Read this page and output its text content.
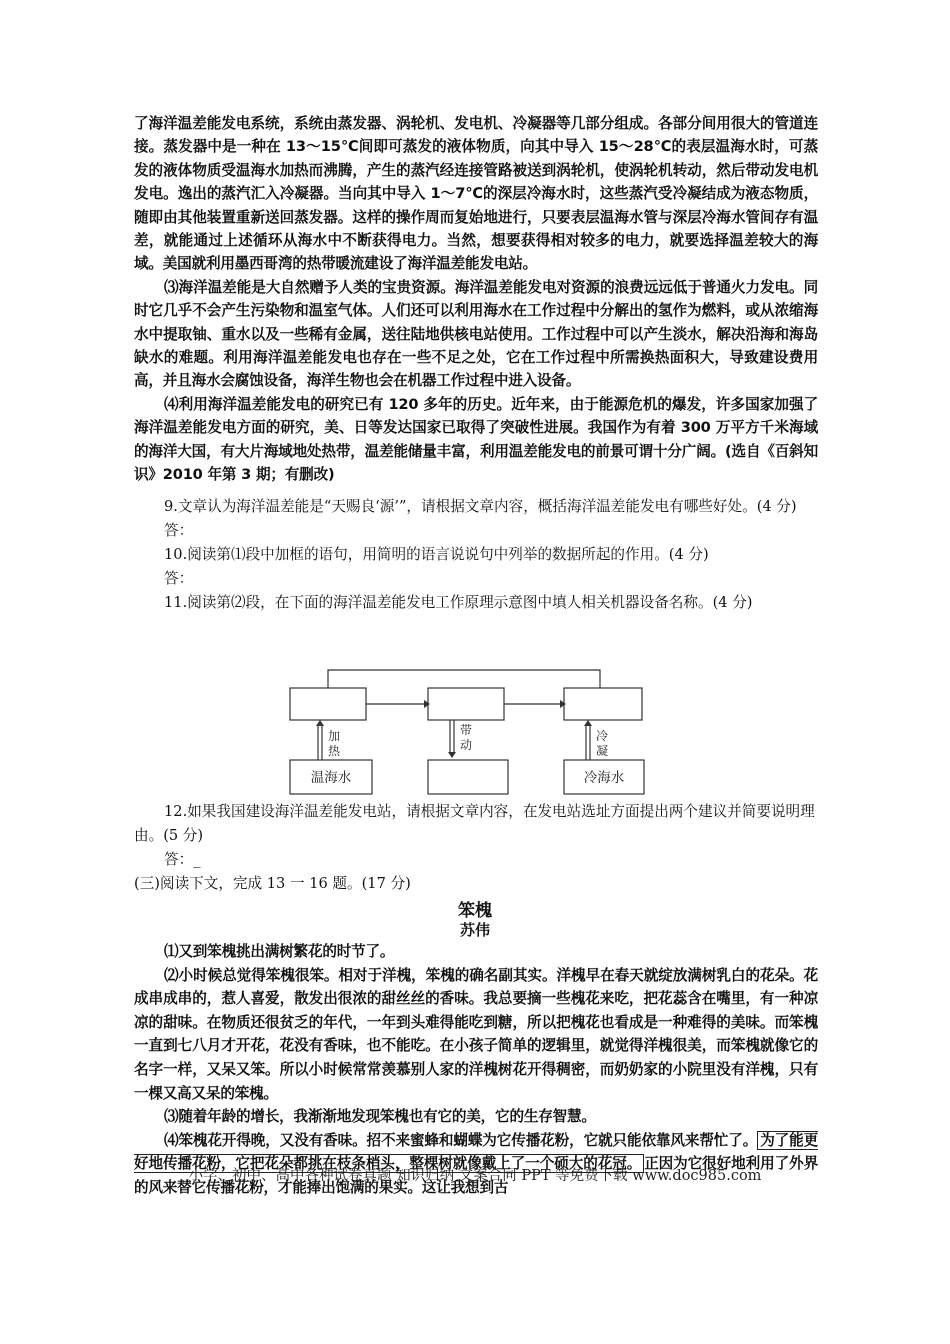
了海洋温差能发电系统，系统由蒸发器、涡轮机、发电机、冷凝器等几部分组成。各部分间用很大的管道连接。蒸发器中是一种在 13～15℃间即可蒸发的液体物质，向其中导入 15～28℃的表层温海水时，可蒸发的液体物质受温海水加热而沸腾，产生的蒸汽经连接管路被送到涡轮机，使涡轮机转动，然后带动发电机发电。逸出的蒸汽汇入冷凝器。当向其中导入 1～7℃的深层冷海水时，这些蒸汽受冷凝结成为液态物质，随即由其他装置重新送回蒸发器。这样的操作周而复始地进行，只要表层温海水管与深层冷海水管间存有温差，就能通过上述循环从海水中不断获得电力。当然，想要获得相对较多的电力，就要选择温差较大的海域。美国就利用墨西哥湾的热带暖流建设了海洋温差能发电站。

⑶海洋温差能是大自然赠予人类的宝贵资源。海洋温差能发电对资源的浪费远远低于普通火力发电。同时它几乎不会产生污染物和温室气体。人们还可以利用海水在工作过程中分解出的氢作为燃料，或从浓缩海水中提取铀、重水以及一些稀有金属，送往陆地供核电站使用。工作过程中可以产生淡水，解决沿海和海岛缺水的难题。利用海洋温差能发电也存在一些不足之处，它在工作过程中所需换热面积大，导致建设费用高，并且海水会腐蚀设备，海洋生物也会在机器工作过程中进入设备。

⑷利用海洋温差能发电的研究已有 120 多年的历史。近年来，由于能源危机的爆发，许多国家加强了海洋温差能发电方面的研究，美、日等发达国家已取得了突破性进展。我国作为有着 300 万平方千米海域的海洋大国，有大片海域地处热带，温差能储量丰富，利用温差能发电的前景可谓十分广阔。(选自《百斜知识》2010 年第 3 期；有删改)

9.文章认为海洋温差能是“天赐良‘源’”，请根据文章内容，概括海洋温差能发电有哪些好处。(4 分)

答：

10.阅读第⑴段中加框的语句，用简明的语言说说句中列举的数据所起的作用。(4 分)

答：

11.阅读第⑵段，在下面的海洋温差能发电工作原理示意图中填人相关机器设备名称。(4 分)

加
热
带
动
冷
凝
温海水	冷海水

12.如果我国建设海洋温差能发电站，请根据文章内容，在发电站选址方面提出两个建议并简要说明理由。(5 分)

答：_

(三)阅读下文，完成 13 一 16 题。(17 分)
笨槐
苏伟

⑴又到笨槐挑出满树繁花的时节了。

⑵小时候总觉得笨槐很笨。相对于洋槐，笨槐的确名副其实。洋槐早在春天就绽放满树乳白的花朵。花成串成串的，惹人喜爱，散发出很浓的甜丝丝的香味。我总要摘一些槐花来吃，把花蕊含在嘴里，有一种凉凉的甜味。在物质还很贫乏的年代，一年到头难得能吃到糖，所以把槐花也看成是一种难得的美味。而笨槐一直到七八月才开花，花没有香味，也不能吃。在小孩子简单的逻辑里，就觉得洋槐很美，而笨槐就像它的名字一样，又呆又笨。所以小时候常常羡慕别人家的洋槐树花开得稠密，而奶奶家的小院里没有洋槐，只有一棵又高又呆的笨槐。

⑶随着年龄的增长，我渐渐地发现笨槐也有它的美，它的生存智慧。

⑷笨槐花开得晚，又没有香味。招不来蜜蜂和蝴蝶为它传播花粉，它就只能依靠风来帮忙了。 为了能更好地传播花粉，它把花朵都挑在枝条梢头，整棵树就像戴上了一个硕大的花冠。 正因为它很好地利用了外界的风来替它传播花粉，才能捧出饱满的果实。这让我想到古

小学、初中、高中各种试卷真题 知识归纳 文案合同 PPT 等免费下载 www.doc985.com
